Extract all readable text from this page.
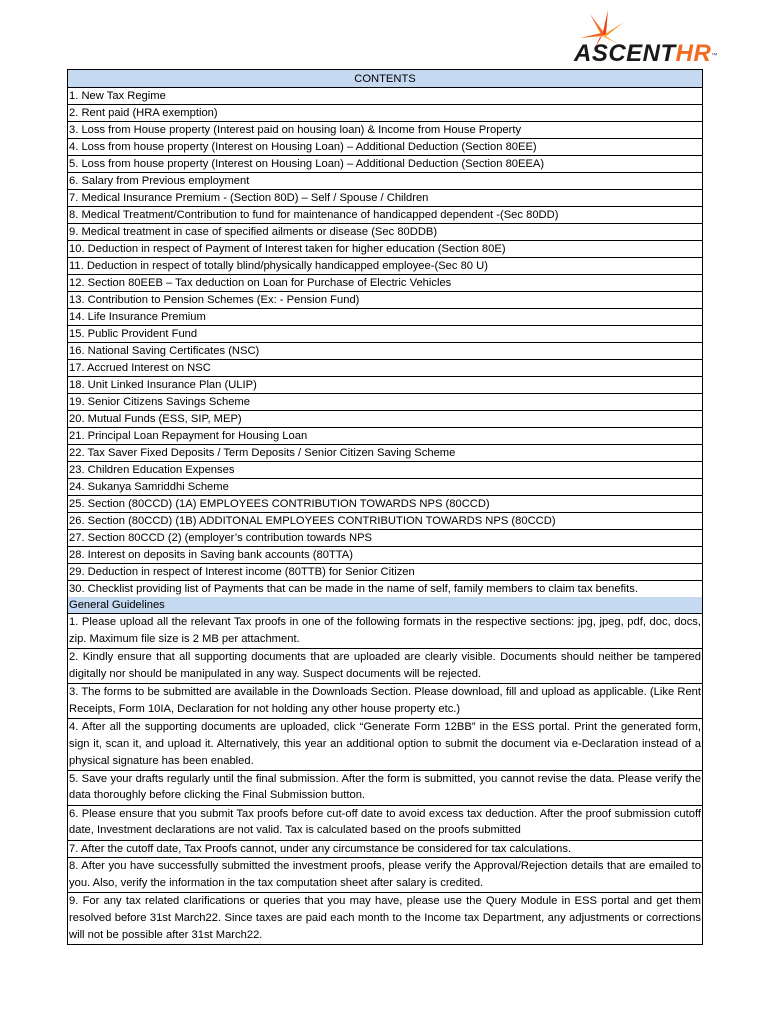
ASCENTHR™
CONTENTS
1. New Tax Regime
2. Rent paid (HRA exemption)
3. Loss from House property (Interest paid on housing loan) & Income from House Property
4. Loss from house property (Interest on Housing Loan) – Additional Deduction (Section 80EE)
5. Loss from house property (Interest on Housing Loan) – Additional Deduction (Section 80EEA)
6. Salary from Previous employment
7. Medical Insurance Premium - (Section 80D) – Self / Spouse / Children
8. Medical Treatment/Contribution to fund for maintenance of handicapped dependent -(Sec 80DD)
9. Medical treatment in case of specified ailments or disease (Sec 80DDB)
10. Deduction in respect of Payment of Interest taken for higher education (Section 80E)
11. Deduction in respect of totally blind/physically handicapped employee-(Sec 80 U)
12. Section 80EEB – Tax deduction on Loan for Purchase of Electric Vehicles
13. Contribution to Pension Schemes (Ex: - Pension Fund)
14. Life Insurance Premium
15. Public Provident Fund
16. National Saving Certificates (NSC)
17. Accrued Interest on NSC
18. Unit Linked Insurance Plan (ULIP)
19. Senior Citizens Savings Scheme
20. Mutual Funds (ESS, SIP, MEP)
21. Principal Loan Repayment for Housing Loan
22. Tax Saver Fixed Deposits / Term Deposits / Senior Citizen Saving Scheme
23. Children Education Expenses
24. Sukanya Samriddhi Scheme
25. Section (80CCD) (1A) EMPLOYEES CONTRIBUTION TOWARDS NPS (80CCD)
26. Section (80CCD) (1B) ADDITONAL EMPLOYEES CONTRIBUTION TOWARDS NPS (80CCD)
27. Section 80CCD (2) (employer’s contribution towards NPS
28. Interest on deposits in Saving bank accounts (80TTA)
29. Deduction in respect of Interest income (80TTB) for Senior Citizen
30. Checklist providing list of Payments that can be made in the name of self, family members to claim tax benefits.
General Guidelines
1. Please upload all the relevant Tax proofs in one of the following formats in the respective sections: jpg, jpeg, pdf, doc, docs, zip. Maximum file size is 2 MB per attachment.
2. Kindly ensure that all supporting documents that are uploaded are clearly visible. Documents should neither be tampered digitally nor should be manipulated in any way. Suspect documents will be rejected.
3. The forms to be submitted are available in the Downloads Section. Please download, fill and upload as applicable. (Like Rent Receipts, Form 10IA, Declaration for not holding any other house property etc.)
4. After all the supporting documents are uploaded, click “Generate Form 12BB” in the ESS portal. Print the generated form, sign it, scan it, and upload it. Alternatively, this year an additional option to submit the document via e-Declaration instead of a physical signature has been enabled.
5. Save your drafts regularly until the final submission. After the form is submitted, you cannot revise the data. Please verify the data thoroughly before clicking the Final Submission button.
6. Please ensure that you submit Tax proofs before cut-off date to avoid excess tax deduction. After the proof submission cutoff date, Investment declarations are not valid. Tax is calculated based on the proofs submitted
7. After the cutoff date, Tax Proofs cannot, under any circumstance be considered for tax calculations.
8. After you have successfully submitted the investment proofs, please verify the Approval/Rejection details that are emailed to you. Also, verify the information in the tax computation sheet after salary is credited.
9. For any tax related clarifications or queries that you may have, please use the Query Module in ESS portal and get them resolved before 31st March22. Since taxes are paid each month to the Income tax Department, any adjustments or corrections will not be possible after 31st March22.
